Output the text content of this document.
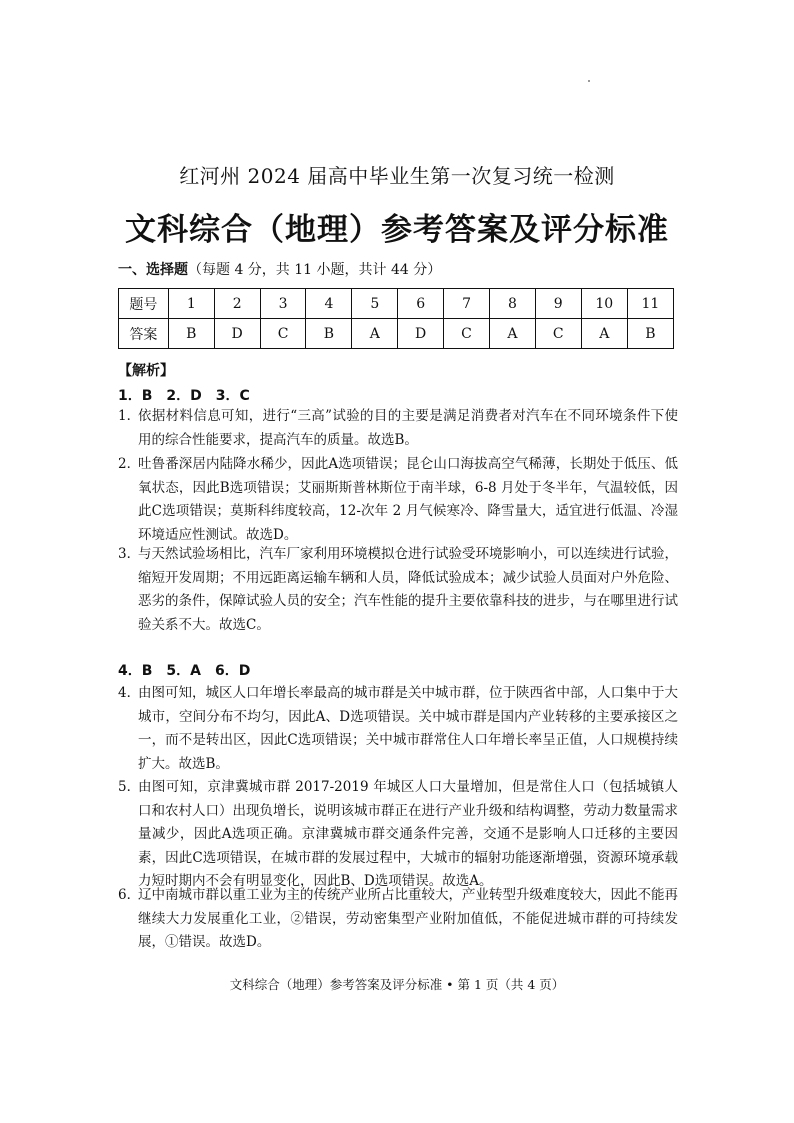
红河州 2024 届高中毕业生第一次复习统一检测
文科综合（地理）参考答案及评分标准
一、选择题（每题 4 分，共 11 小题，共计 44 分）
题号	1	2	3	4	5	6	7	8	9	10	11
答案	B	D	C	B	A	D	C	A	C	A	B
【解析】
1．B　2．D　3．C
1．
依据材料信息可知，进行“三高”试验的目的主要是满足消费者对汽车在不同环境条件下使用的综合性能要求，提高汽车的质量。故选B。
2．
吐鲁番深居内陆降水稀少，因此A选项错误；昆仑山口海拔高空气稀薄，长期处于低压、低氧状态，因此B选项错误；艾丽斯斯普林斯位于南半球，6-8 月处于冬半年，气温较低，因此C选项错误；莫斯科纬度较高，12-次年 2 月气候寒冷、降雪量大，适宜进行低温、冷湿环境适应性测试。故选D。
3．
与天然试验场相比，汽车厂家利用环境模拟仓进行试验受环境影响小，可以连续进行试验，缩短开发周期；不用远距离运输车辆和人员，降低试验成本；减少试验人员面对户外危险、恶劣的条件，保障试验人员的安全；汽车性能的提升主要依靠科技的进步，与在哪里进行试验关系不大。故选C。
4．B　5．A　6．D
4．
由图可知，城区人口年增长率最高的城市群是关中城市群，位于陕西省中部，人口集中于大城市，空间分布不均匀，因此A、D选项错误。关中城市群是国内产业转移的主要承接区之一，而不是转出区，因此C选项错误；关中城市群常住人口年增长率呈正值，人口规模持续扩大。故选B。
5．
由图可知，京津冀城市群 2017-2019 年城区人口大量增加，但是常住人口（包括城镇人口和农村人口）出现负增长，说明该城市群正在进行产业升级和结构调整，劳动力数量需求量减少，因此A选项正确。京津冀城市群交通条件完善，交通不是影响人口迁移的主要因素，因此C选项错误，在城市群的发展过程中，大城市的辐射功能逐渐增强，资源环境承载力短时期内不会有明显变化，因此B、D选项错误。故选A。
6．
辽中南城市群以重工业为主的传统产业所占比重较大，产业转型升级难度较大，因此不能再继续大力发展重化工业，②错误，劳动密集型产业附加值低，不能促进城市群的可持续发展，①错误。故选D。
文科综合（地理）参考答案及评分标准 • 第 1 页（共 4 页）
